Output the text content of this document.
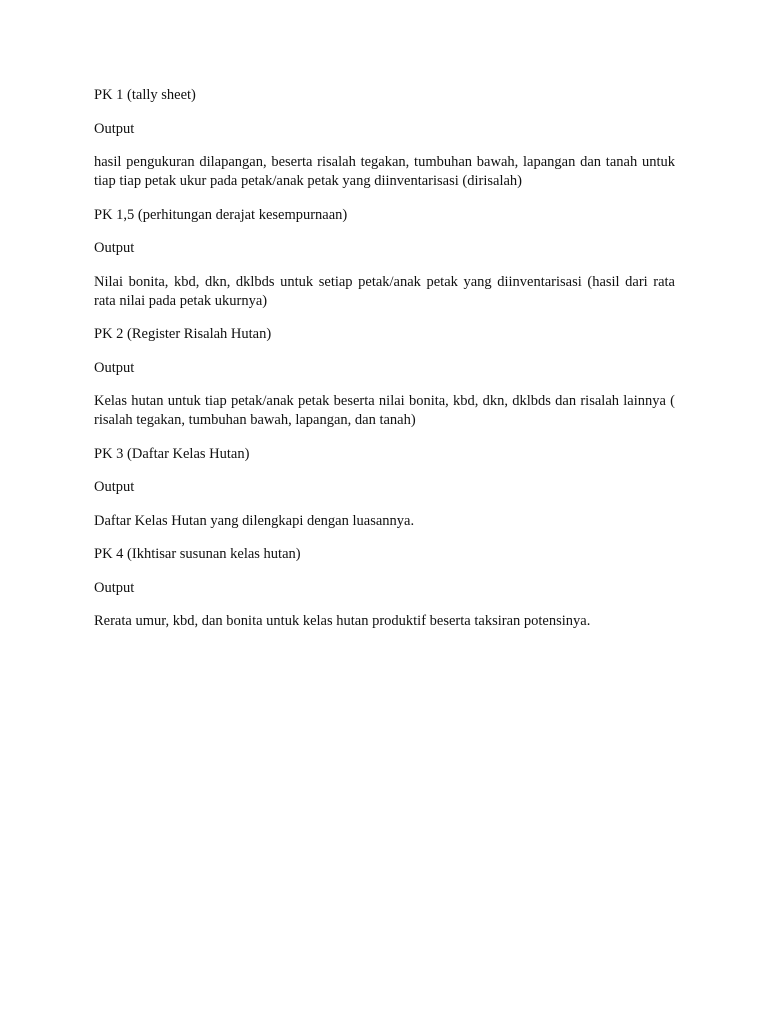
PK 1 (tally sheet)

Output

hasil pengukuran dilapangan, beserta risalah tegakan, tumbuhan bawah, lapangan dan tanah untuk tiap tiap petak ukur pada petak/anak petak yang diinventarisasi (dirisalah)

PK 1,5 (perhitungan derajat kesempurnaan)

Output

Nilai bonita, kbd, dkn, dklbds untuk setiap petak/anak petak yang diinventarisasi (hasil dari rata rata nilai pada petak ukurnya)

PK 2 (Register Risalah Hutan)

Output

Kelas hutan untuk tiap petak/anak petak beserta nilai bonita, kbd, dkn, dklbds dan risalah lainnya ( risalah tegakan, tumbuhan bawah, lapangan, dan tanah)

PK 3 (Daftar Kelas Hutan)

Output

Daftar Kelas Hutan yang dilengkapi dengan luasannya.

PK 4 (Ikhtisar susunan kelas hutan)

Output

Rerata umur, kbd, dan bonita untuk kelas hutan produktif beserta taksiran potensinya.
